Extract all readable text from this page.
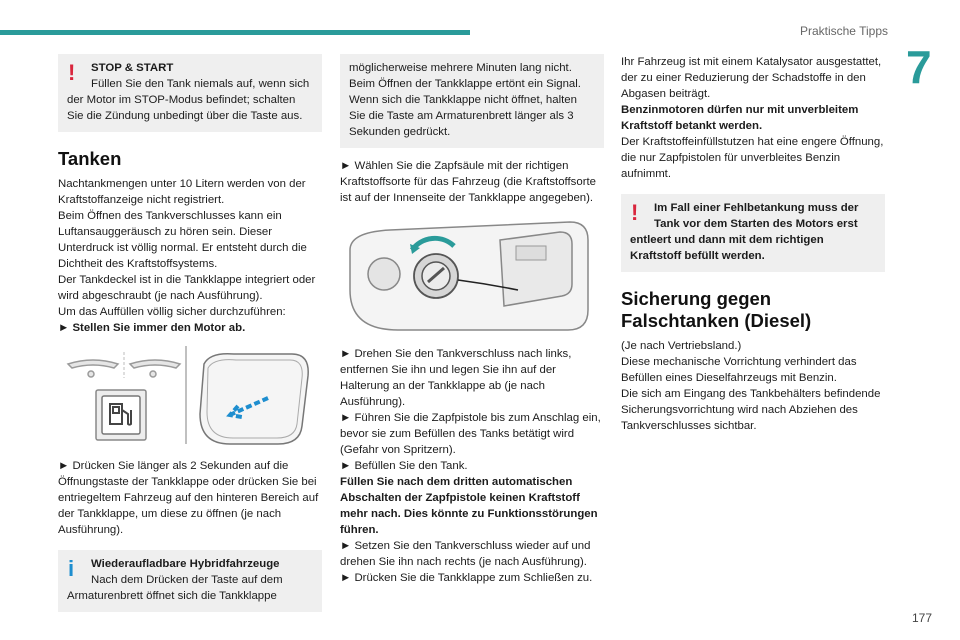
Praktische Tipps
7
177
!	STOP & START

Füllen Sie den Tank niemals auf, wenn sich

der Motor im STOP-Modus befindet; schalten Sie die Zündung unbedingt über die Taste aus.

Tanken

Nachtankmengen unter 10 Litern werden von der Kraftstoffanzeige nicht registriert.

Beim Öffnen des Tankverschlusses kann ein Luftansauggeräusch zu hören sein. Dieser Unterdruck ist völlig normal. Er entsteht durch die Dichtheit des Kraftstoffsystems.

Der Tankdeckel ist in die Tankklappe integriert oder wird abgeschraubt (je nach Ausführung).

Um das Auffüllen völlig sicher durchzuführen:

► Stellen Sie immer den Motor ab.

► Drücken Sie länger als 2 Sekunden auf die Öffnungstaste der Tankklappe oder drücken Sie bei entriegeltem Fahrzeug auf den hinteren Bereich auf der Tankklappe, um diese zu öffnen (je nach Ausführung).

i	Wiederaufladbare Hybridfahrzeuge

Nach dem Drücken der Taste auf dem

Armaturenbrett öffnet sich die Tankklappe

möglicherweise mehrere Minuten lang nicht. Beim Öffnen der Tankklappe ertönt ein Signal. Wenn sich die Tankklappe nicht öffnet, halten Sie die Taste am Armaturenbrett länger als 3 Sekunden gedrückt.

► Wählen Sie die Zapfsäule mit der richtigen Kraftstoffsorte für das Fahrzeug (die Kraftstoffsorte ist auf der Innenseite der Tankklappe angegeben).

► Drehen Sie den Tankverschluss nach links, entfernen Sie ihn und legen Sie ihn auf der Halterung an der Tankklappe ab (je nach Ausführung).

► Führen Sie die Zapfpistole bis zum Anschlag ein, bevor sie zum Befüllen des Tanks betätigt wird (Gefahr von Spritzern).

► Befüllen Sie den Tank.

Füllen Sie nach dem dritten automatischen Abschalten der Zapfpistole keinen Kraftstoff mehr nach. Dies könnte zu Funktionsstörungen führen.

► Setzen Sie den Tankverschluss wieder auf und drehen Sie ihn nach rechts (je nach Ausführung).

► Drücken Sie die Tankklappe zum Schließen zu.

Ihr Fahrzeug ist mit einem Katalysator ausgestattet, der zu einer Reduzierung der Schadstoffe in den Abgasen beiträgt.

Benzinmotoren dürfen nur mit unverbleitem Kraftstoff betankt werden.

Der Kraftstoffeinfüllstutzen hat eine engere Öffnung, die nur Zapfpistolen für unverbleites Benzin aufnimmt.

!	Im Fall einer Fehlbetankung muss der Tank vor dem Starten des Motors erst

entleert und dann mit dem richtigen Kraftstoff befüllt werden.

Sicherung gegen Falschtanken (Diesel)

(Je nach Vertriebsland.)

Diese mechanische Vorrichtung verhindert das Befüllen eines Dieselfahrzeugs mit Benzin.

Die sich am Eingang des Tankbehälters befindende Sicherungsvorrichtung wird nach Abziehen des Tankverschlusses sichtbar.
